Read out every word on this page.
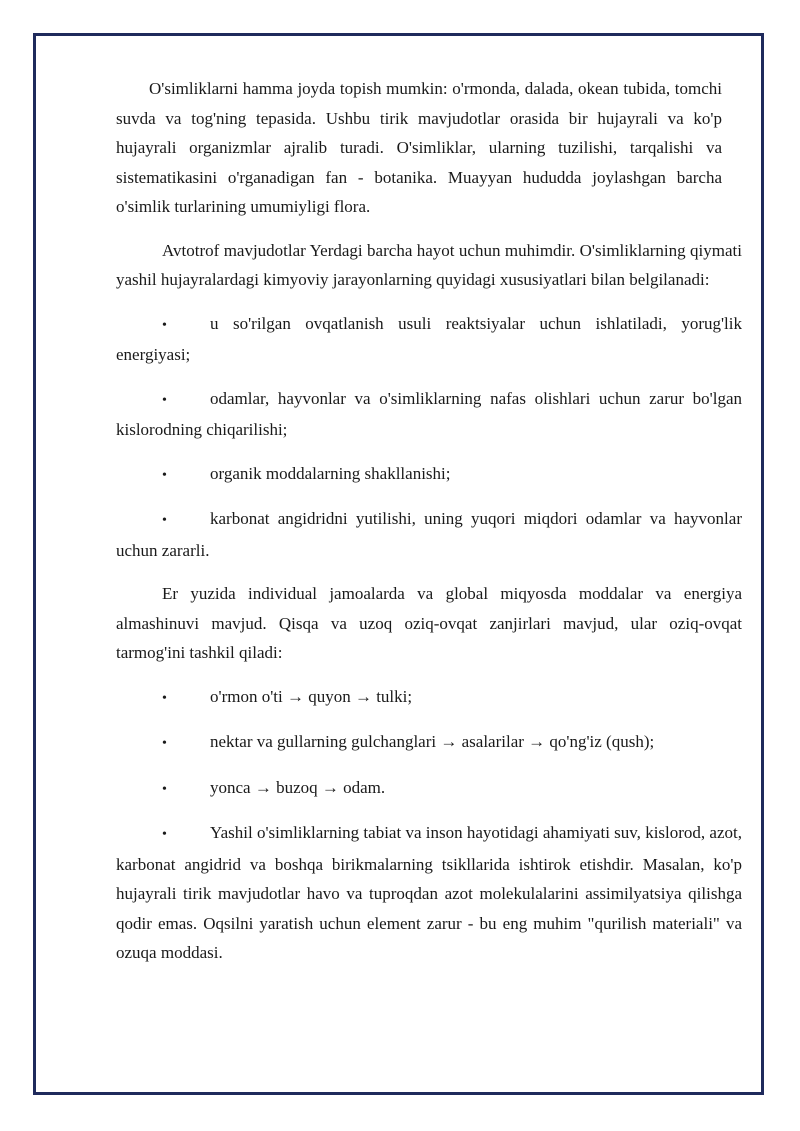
O'simliklarni hamma joyda topish mumkin: o'rmonda, dalada, okean tubida, tomchi suvda va tog'ning tepasida. Ushbu tirik mavjudotlar orasida bir hujayrali va ko'p hujayrali organizmlar ajralib turadi. O'simliklar, ularning tuzilishi, tarqalishi va sistematikasini o'rganadigan fan - botanika. Muayyan hududda joylashgan barcha o'simlik turlarining umumiyligi flora.

Avtotrof mavjudotlar Yerdagi barcha hayot uchun muhimdir. O'simliklarning qiymati yashil hujayralardagi kimyoviy jarayonlarning quyidagi xususiyatlari bilan belgilanadi:

•u so'rilgan ovqatlanish usuli reaktsiyalar uchun ishlatiladi, yorug'lik energiyasi;

•odamlar, hayvonlar va o'simliklarning nafas olishlari uchun zarur bo'lgan kislorodning chiqarilishi;

•organik moddalarning shakllanishi;

•karbonat angidridni yutilishi, uning yuqori miqdori odamlar va hayvonlar uchun zararli.

Er yuzida individual jamoalarda va global miqyosda moddalar va energiya almashinuvi mavjud. Qisqa va uzoq oziq-ovqat zanjirlari mavjud, ular oziq-ovqat tarmog'ini tashkil qiladi:

•o'rmon o'ti → quyon → tulki;

•nektar va gullarning gulchanglari → asalarilar → qo'ng'iz (qush);

•yonca → buzoq → odam.

•Yashil o'simliklarning tabiat va inson hayotidagi ahamiyati suv, kislorod, azot, karbonat angidrid va boshqa birikmalarning tsikllarida ishtirok etishdir. Masalan, ko'p hujayrali tirik mavjudotlar havo va tuproqdan azot molekulalarini assimilyatsiya qilishga qodir emas. Oqsilni yaratish uchun element zarur - bu eng muhim "qurilish materiali" va ozuqa moddasi.
